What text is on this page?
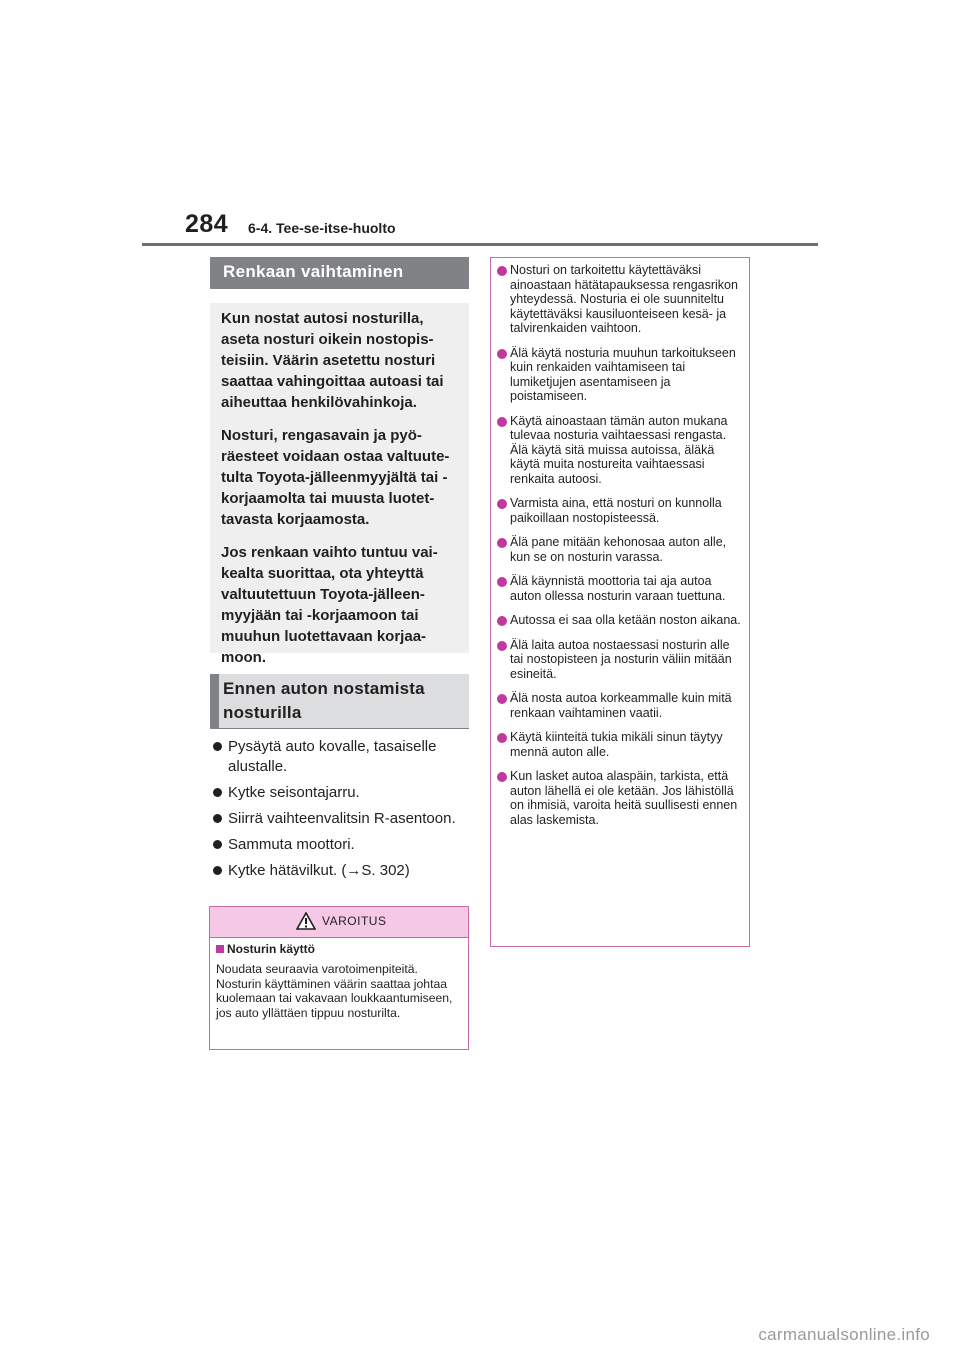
284 6-4. Tee-se-itse-huolto
Renkaan vaihtaminen

Kun nostat autosi nosturilla, aseta nosturi oikein nostopisteisiin. Väärin asetettu nosturi saattaa vahingoittaa autoasi tai aiheuttaa henkilövahinkoja.

Nosturi, rengasavain ja pyöräesteet voidaan ostaa valtuutetulta Toyota-jälleenmyyjältä tai -korjaamolta tai muusta luotettavasta korjaamosta.

Jos renkaan vaihto tuntuu vaikealta suorittaa, ota yhteyttä valtuutettuun Toyota-jälleenmyyjään tai -korjaamoon tai muuhun luotettavaan korjaamoon.

Ennen auton nostamista nosturilla
Pysäytä auto kovalle, tasaiselle alustalle.
Kytke seisontajarru.
Siirrä vaihteenvalitsin R-asentoon.
Sammuta moottori.
Kytke hätävilkut. (→S. 302)
VAROITUS
Nosturin käyttö
Noudata seuraavia varotoimenpiteitä. Nosturin käyttäminen väärin saattaa johtaa kuolemaan tai vakavaan loukkaantumiseen, jos auto yllättäen tippuu nosturilta.
Nosturi on tarkoitettu käytettäväksi ainoastaan hätätapauksessa rengasrikon yhteydessä. Nosturia ei ole suunniteltu käytettäväksi kausiluonteiseen kesä- ja talvirenkaiden vaihtoon.
Älä käytä nosturia muuhun tarkoitukseen kuin renkaiden vaihtamiseen tai lumiketjujen asentamiseen ja poistamiseen.
Käytä ainoastaan tämän auton mukana tulevaa nosturia vaihtaessasi rengasta. Älä käytä sitä muissa autoissa, äläkä käytä muita nostureita vaihtaessasi renkaita autoosi.
Varmista aina, että nosturi on kunnolla paikoillaan nostopisteessä.
Älä pane mitään kehonosaa auton alle, kun se on nosturin varassa.
Älä käynnistä moottoria tai aja autoa auton ollessa nosturin varaan tuettuna.
Autossa ei saa olla ketään noston aikana.
Älä laita autoa nostaessasi nosturin alle tai nostopisteen ja nosturin väliin mitään esineitä.
Älä nosta autoa korkeammalle kuin mitä renkaan vaihtaminen vaatii.
Käytä kiinteitä tukia mikäli sinun täytyy mennä auton alle.
Kun lasket autoa alaspäin, tarkista, että auton lähellä ei ole ketään. Jos lähistöllä on ihmisiä, varoita heitä suullisesti ennen alas laskemista.
carmanualsonline.info
